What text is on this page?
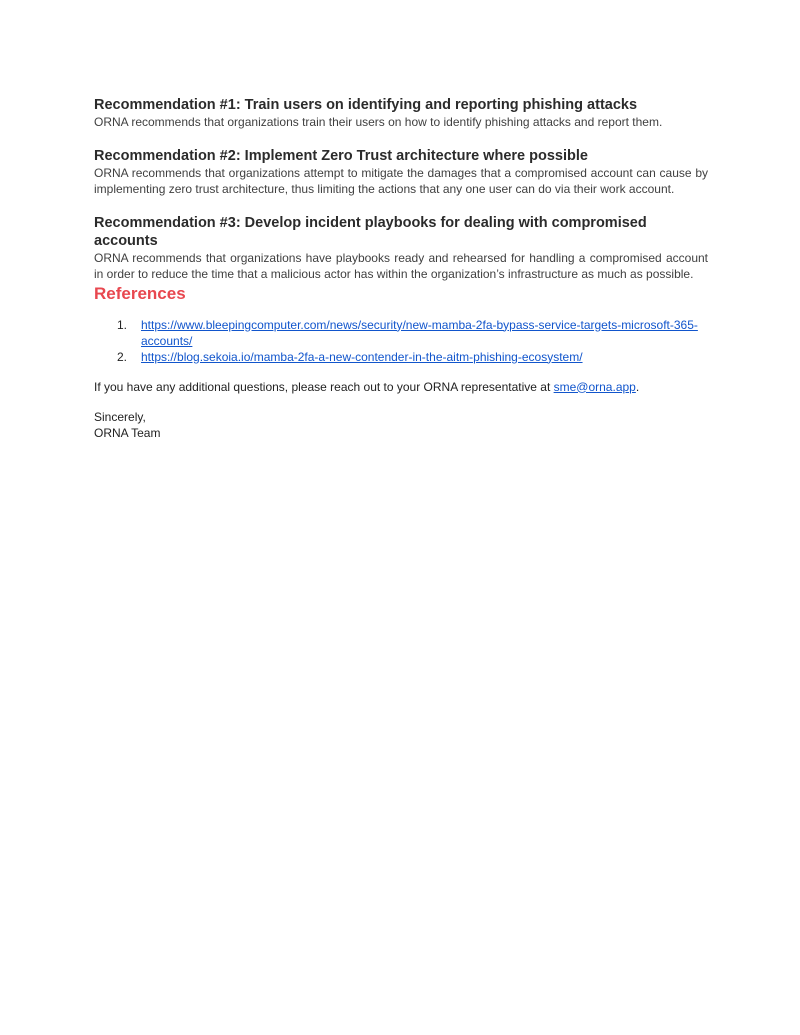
Recommendation #1: Train users on identifying and reporting phishing attacks

ORNA recommends that organizations train their users on how to identify phishing attacks and report them.

Recommendation #2: Implement Zero Trust architecture where possible

ORNA recommends that organizations attempt to mitigate the damages that a compromised account can cause by implementing zero trust architecture, thus limiting the actions that any one user can do via their work account.

Recommendation #3: Develop incident playbooks for dealing with compromised accounts

ORNA recommends that organizations have playbooks ready and rehearsed for handling a compromised account in order to reduce the time that a malicious actor has within the organization’s infrastructure as much as possible.

References
1.	https://www.bleepingcomputer.com/news/security/new-mamba-2fa-bypass-service-targets-microsoft-365-accounts/
2.	https://blog.sekoia.io/mamba-2fa-a-new-contender-in-the-aitm-phishing-ecosystem/

If you have any additional questions, please reach out to your ORNA representative at sme@orna.app.

Sincerely,
ORNA Team
